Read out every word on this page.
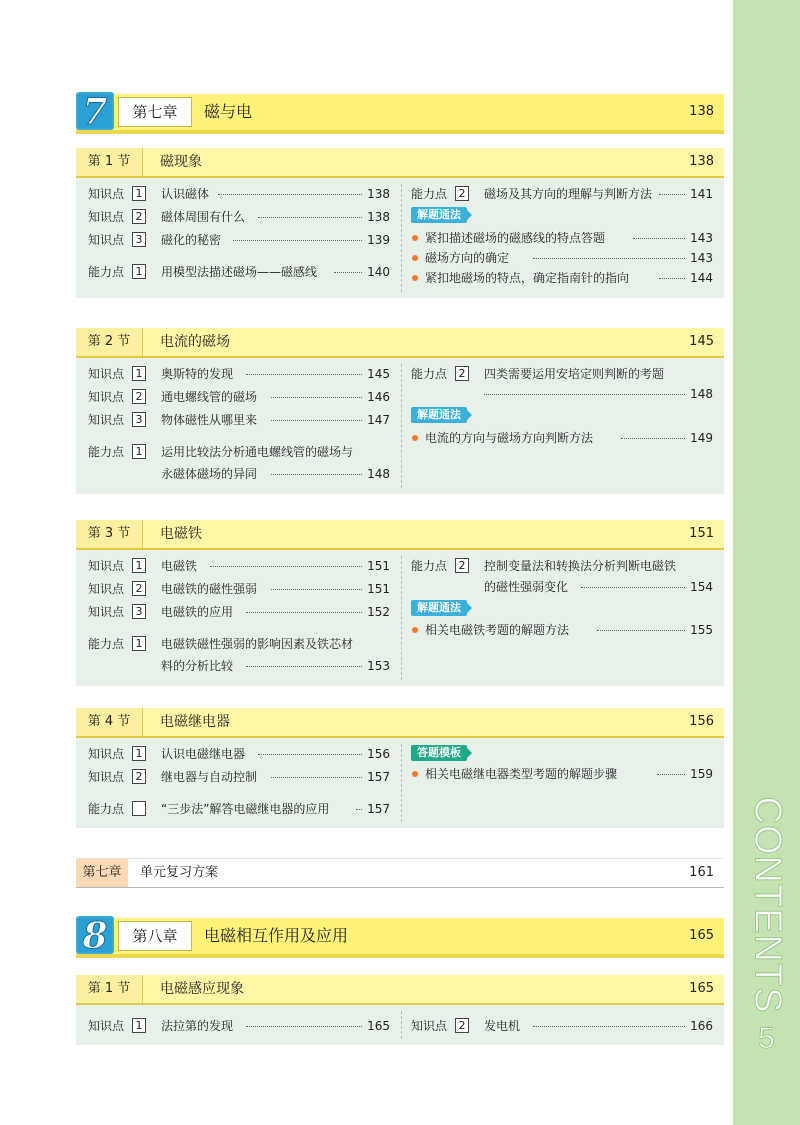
CONTENTS
5
7	第七章	磁与电	138
第 1 节	磁现象	138
知识点	1 认识磁体	138
知识点	2 磁体周围有什么	138
知识点	3 磁化的秘密	139
能力点	1 用模型法描述磁场——磁感线	140
能力点	2 磁场及其方向的理解与判断方法	141
解题通法
紧扣描述磁场的磁感线的特点答题	143
磁场方向的确定	143
紧扣地磁场的特点，确定指南针的指向	144
第 2 节	电流的磁场	145
知识点	1 奥斯特的发现	145
知识点	2 通电螺线管的磁场	146
知识点	3 物体磁性从哪里来	147
能力点	1 运用比较法分析通电螺线管的磁场与
永磁体磁场的异同	148
能力点	2 四类需要运用安培定则判断的考题
148
解题通法
电流的方向与磁场方向判断方法	149
第 3 节	电磁铁	151
知识点	1 电磁铁	151
知识点	2 电磁铁的磁性强弱	151
知识点	3 电磁铁的应用	152
能力点	1 电磁铁磁性强弱的影响因素及铁芯材
料的分析比较	153
能力点	2 控制变量法和转换法分析判断电磁铁
的磁性强弱变化	154
解题通法
相关电磁铁考题的解题方法	155
第 4 节	电磁继电器	156
知识点	1 认识电磁继电器	156
知识点	2 继电器与自动控制	157
能力点	“三步法”解答电磁继电器的应用	157
答题模板
相关电磁继电器类型考题的解题步骤	159
第七章	单元复习方案	161
8	第八章	电磁相互作用及应用	165
第 1 节	电磁感应现象	165
知识点	1 法拉第的发现	165 知识点	2 发电机	166
